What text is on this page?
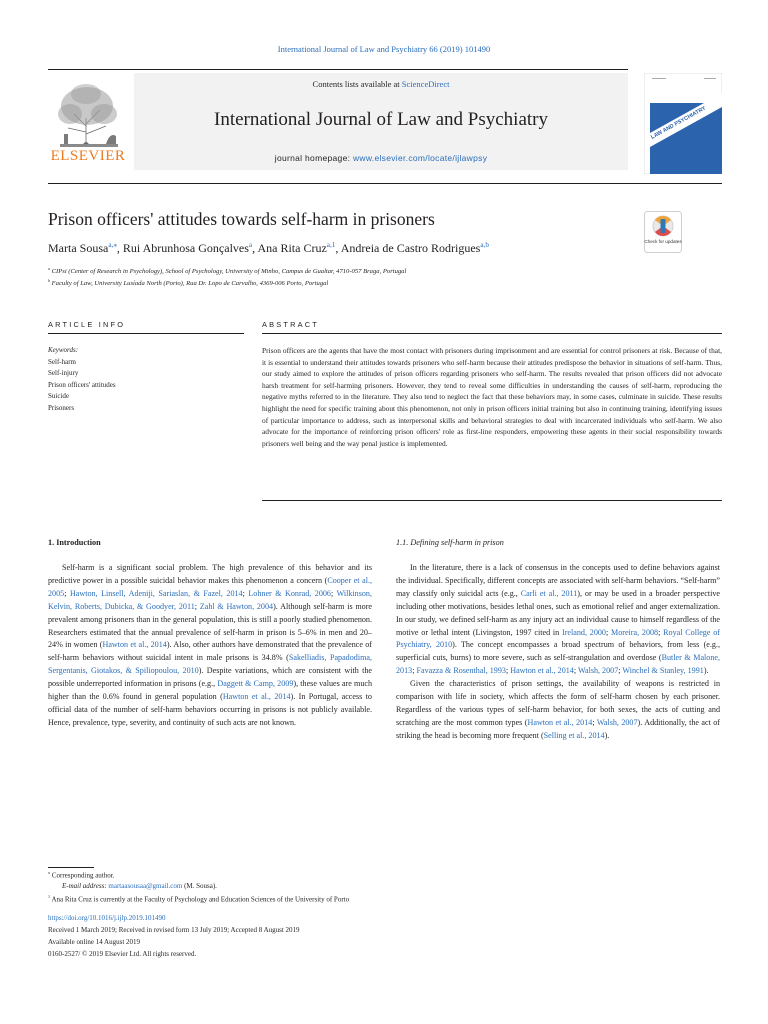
International Journal of Law and Psychiatry 66 (2019) 101490
ELSEVIER
Contents lists available at ScienceDirect
International Journal of Law and Psychiatry
journal homepage: www.elsevier.com/locate/ijlawpsy
LAW AND PSYCHIATRY
Prison officers' attitudes towards self-harm in prisoners
Check for updates
Marta Sousa$^{a,⁎}$, Rui Abrunhosa Gonçalves$^a$, Ana Rita Cruz$^{a,1}$, Andreia de Castro Rodrigues$^{a,b}$
$^a$ CIPsi (Center of Research in Psychology), School of Psychology, University of Minho, Campus de Gualtar, 4710-057 Braga, Portugal
$^b$ Faculty of Law, University Lusíada North (Porto), Rua Dr. Lopo de Carvalho, 4369-006 Porto, Portugal
ARTICLE INFO	ABSTRACT
Keywords:
Self-harm
Self-injury
Prison officers' attitudes
Suicide
Prisoners
Prison officers are the agents that have the most contact with prisoners during imprisonment and are essential for control prisoners at risk. Because of that, it is essential to understand their attitudes towards prisoners who self-harm because their attitudes predispose the behavior in situations of self-harm. Thus, our study aimed to explore the attitudes of prison officers regarding prisoners who self-harm. The results revealed that prison officers did not advocate harsh treatment for self-harming prisoners. However, they tend to reveal some difficulties in understanding the causes of self-harm, reproducing the negative myths referred to in the literature. They also tend to neglect the fact that these behaviors may, in some cases, culminate in suicide. These results highlight the need for specific training about this phenomenon, not only in prison officers initial training but also in continuing training, identifying issues of particular importance to address, such as interpersonal skills and behavioral strategies to deal with incarcerated individuals who self-harm. We also advocate for the importance of reinforcing prison officers' role as first-line responders, empowering these agents in their social responsibility towards prisoners well being and the way penal justice is implemented.
1. Introduction	1.1. Defining self-harm in prison

Self-harm is a significant social problem. The high prevalence of this behavior and its predictive power in a possible suicidal behavior makes this phenomenon a concern (Cooper et al., 2005; Hawton, Linsell, Adeniji, Sariaslan, & Fazel, 2014; Lohner & Konrad, 2006; Wilkinson, Kelvin, Roberts, Dubicka, & Goodyer, 2011; Zahl & Hawton, 2004). Although self-harm is more prevalent among prisoners than in the general population, this is still a poorly studied phenomenon. Researchers estimated that the annual prevalence of self-harm in prison is 5–6% in men and 20–24% in women (Hawton et al., 2014). Also, other authors have demonstrated that the prevalence of self-harm behaviors without suicidal intent in male prisons is 34.8% (Sakelliadis, Papadodima, Sergentanis, Giotakos, & Spiliopoulou, 2010). Despite variations, which are consistent with the possible underreported information in prisons (e.g., Daggett & Camp, 2009), these values are much higher than the 0.6% found in general population (Hawton et al., 2014). In Portugal, access to official data of the number of self-harm behaviors occurring in prisons is not publicly available. Hence, prevalence, type, severity, and continuity of such acts are not known.

In the literature, there is a lack of consensus in the concepts used to define behaviors against the individual. Specifically, different concepts are associated with self-harm behaviors. “Self-harm” may classify only suicidal acts (e.g., Carli et al., 2011), or may be used in a broader perspective including other motivations, besides lethal ones, such as emotional relief and anger externalization. In our study, we defined self-harm as any injury act an individual cause to himself regardless of the motive or lethal intent (Livingston, 1997 cited in Ireland, 2000; Moreira, 2008; Royal College of Psychiatry, 2010). The concept encompasses a broad spectrum of behaviors, from less (e.g., superficial cuts, burns) to more severe, such as self-strangulation and overdose (Butler & Malone, 2013; Favazza & Rosenthal, 1993; Hawton et al., 2014; Walsh, 2007; Winchel & Stanley, 1991).

Given the characteristics of prison settings, the availability of weapons is restricted in comparison with life in society, which affects the form of self-harm chosen by each prisoner. Regardless of the various types of self-harm behavior, for both sexes, the acts of cutting and scratching are the most common types (Hawton et al., 2014; Walsh, 2007). Additionally, the act of striking the head is becoming more frequent (Selling et al., 2014).

⁎ Corresponding author.
E-mail address: martaasousaa@gmail.com (M. Sousa).
$^1$ Ana Rita Cruz is currently at the Faculty of Psychology and Education Sciences of the University of Porto
https://doi.org/10.1016/j.ijlp.2019.101490
Received 1 March 2019; Received in revised form 13 July 2019; Accepted 8 August 2019
Available online 14 August 2019
0160-2527/ © 2019 Elsevier Ltd. All rights reserved.
